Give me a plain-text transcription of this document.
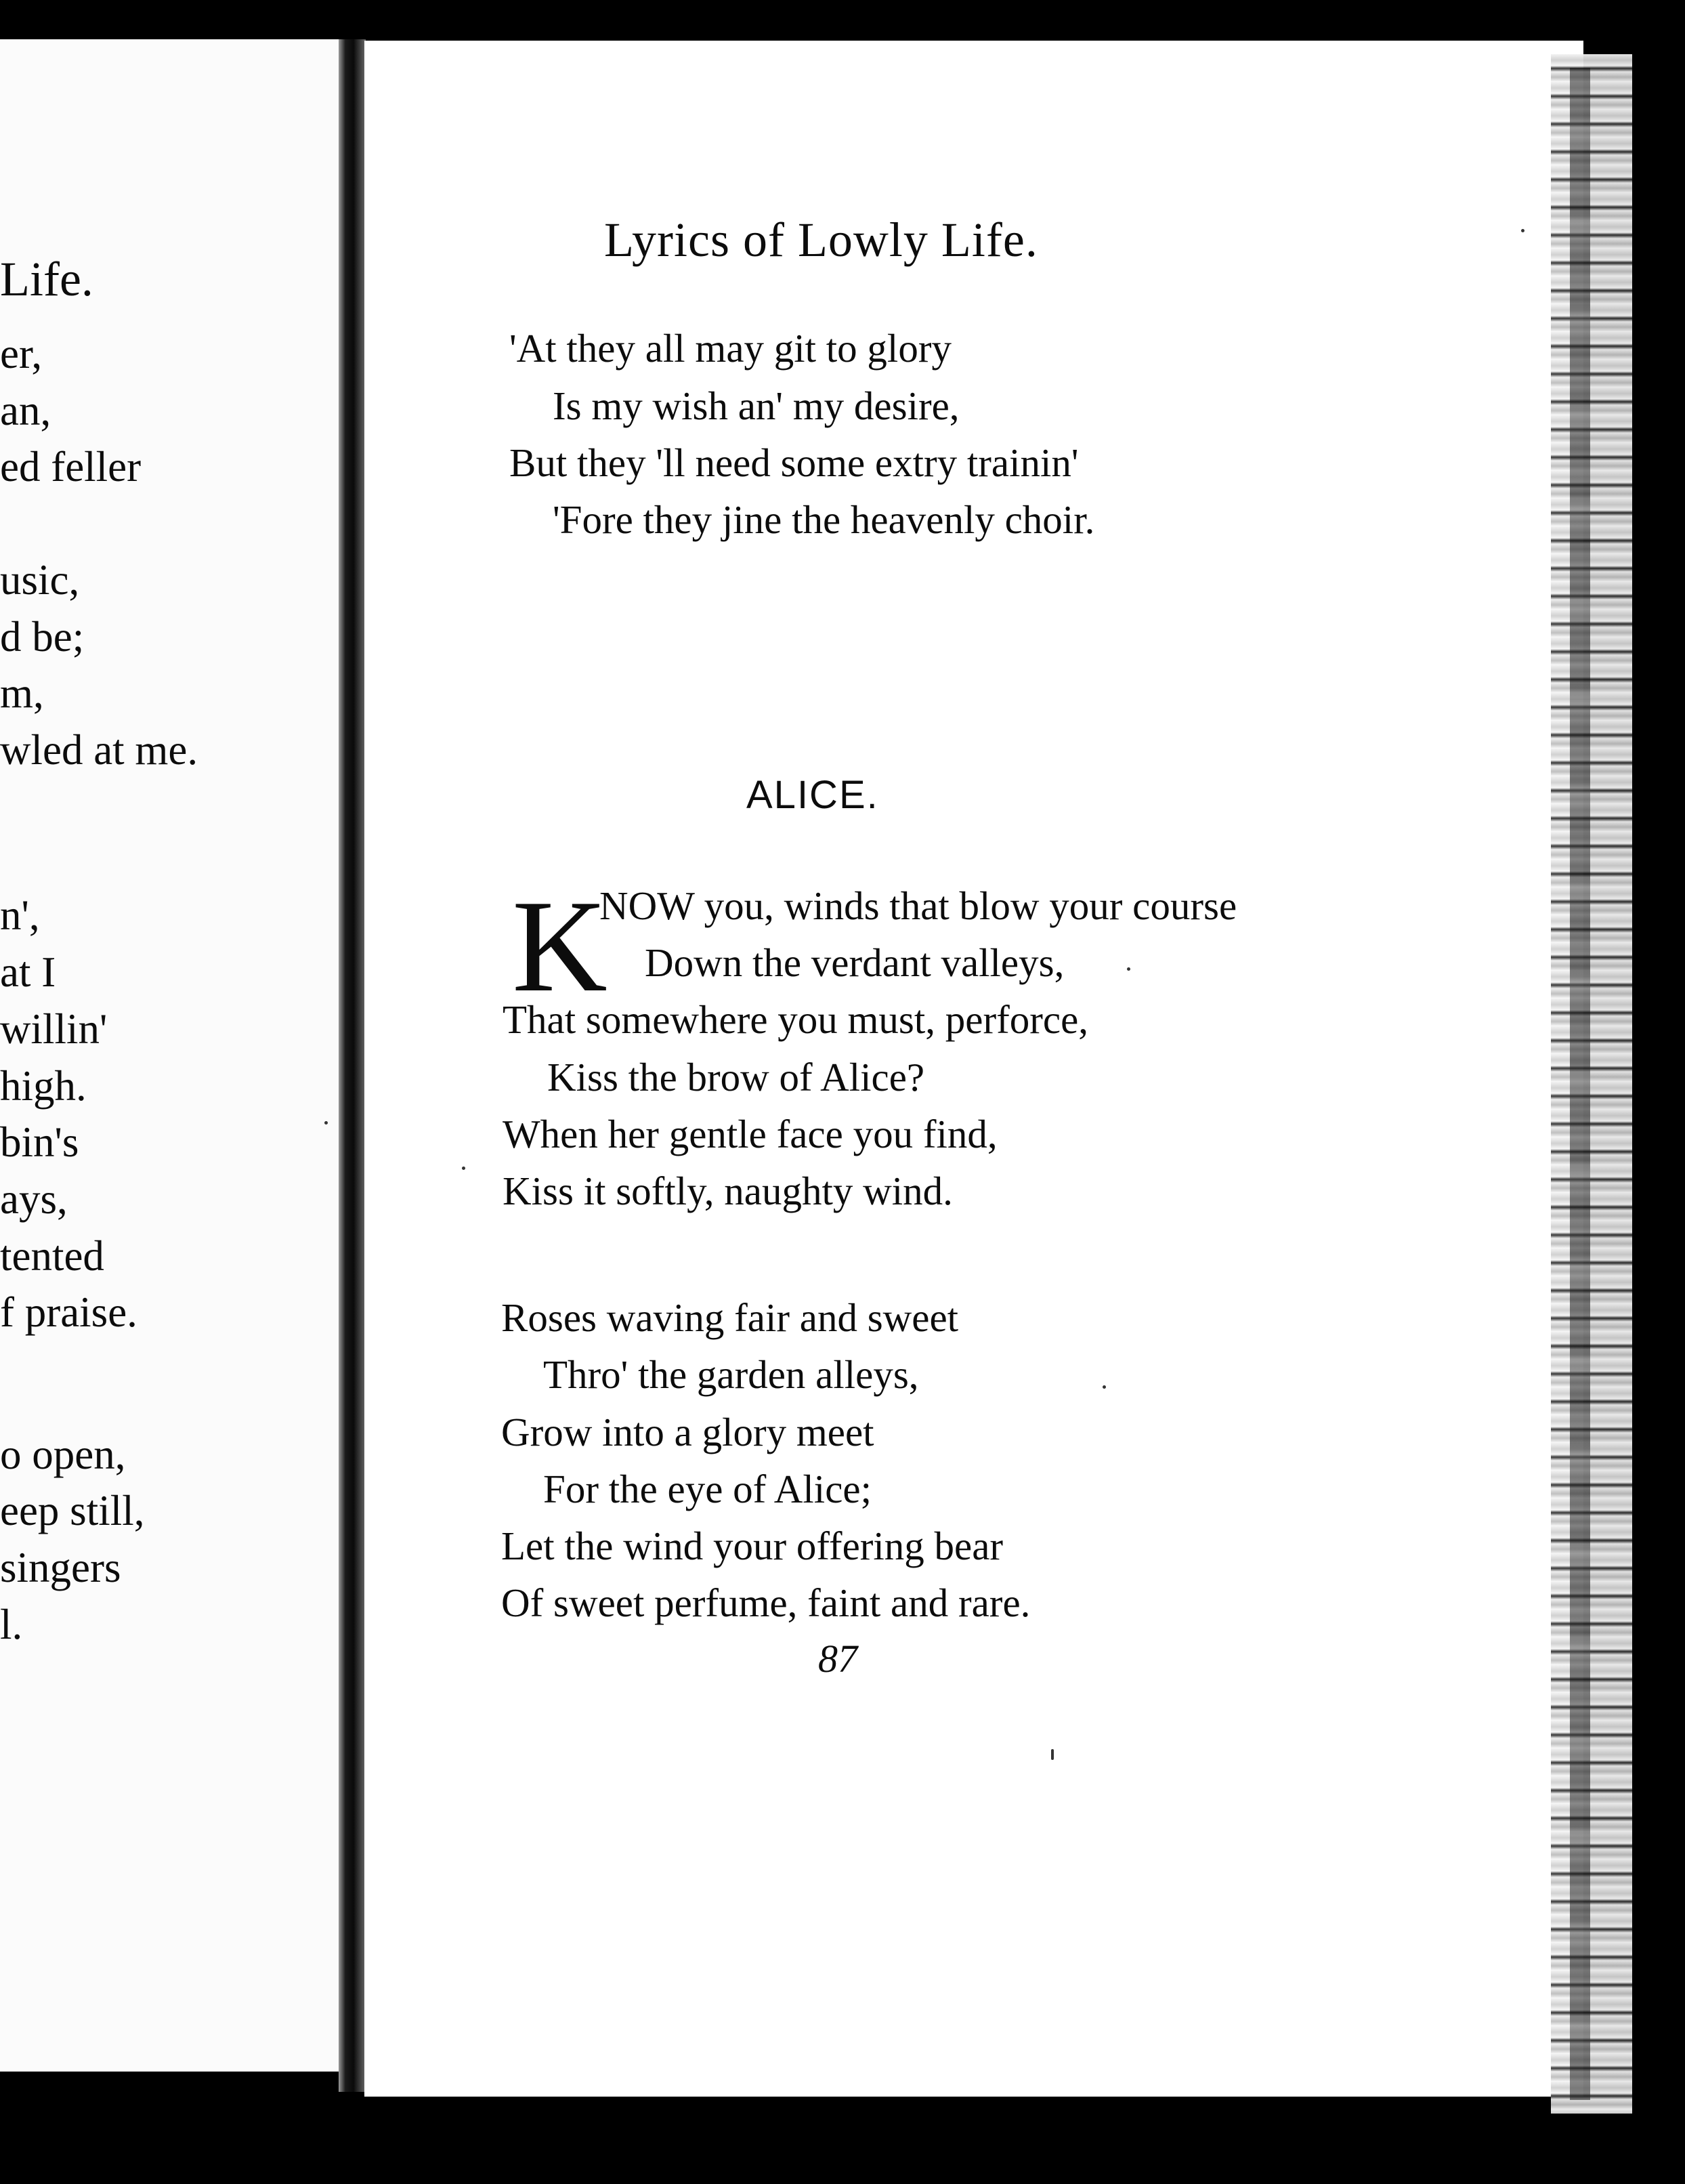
Life.
er,
an,
ed feller
usic,
d be;
m,
wled at me.
n',
at I
willin'
high.
bin's
ays,
tented
f praise.
o open,
eep still,
singers
l.
Lyrics of Lowly Life.
'At they all may git to glory
Is my wish an' my desire,
But they 'll need some extry trainin'
'Fore they jine the heavenly choir.
ALICE.
K
NOW you, winds that blow your course
Down the verdant valleys,
That somewhere you must, perforce,
Kiss the brow of Alice?
When her gentle face you find,
Kiss it softly, naughty wind.
Roses waving fair and sweet
Thro' the garden alleys,
Grow into a glory meet
For the eye of Alice;
Let the wind your offering bear
Of sweet perfume, faint and rare.
87
